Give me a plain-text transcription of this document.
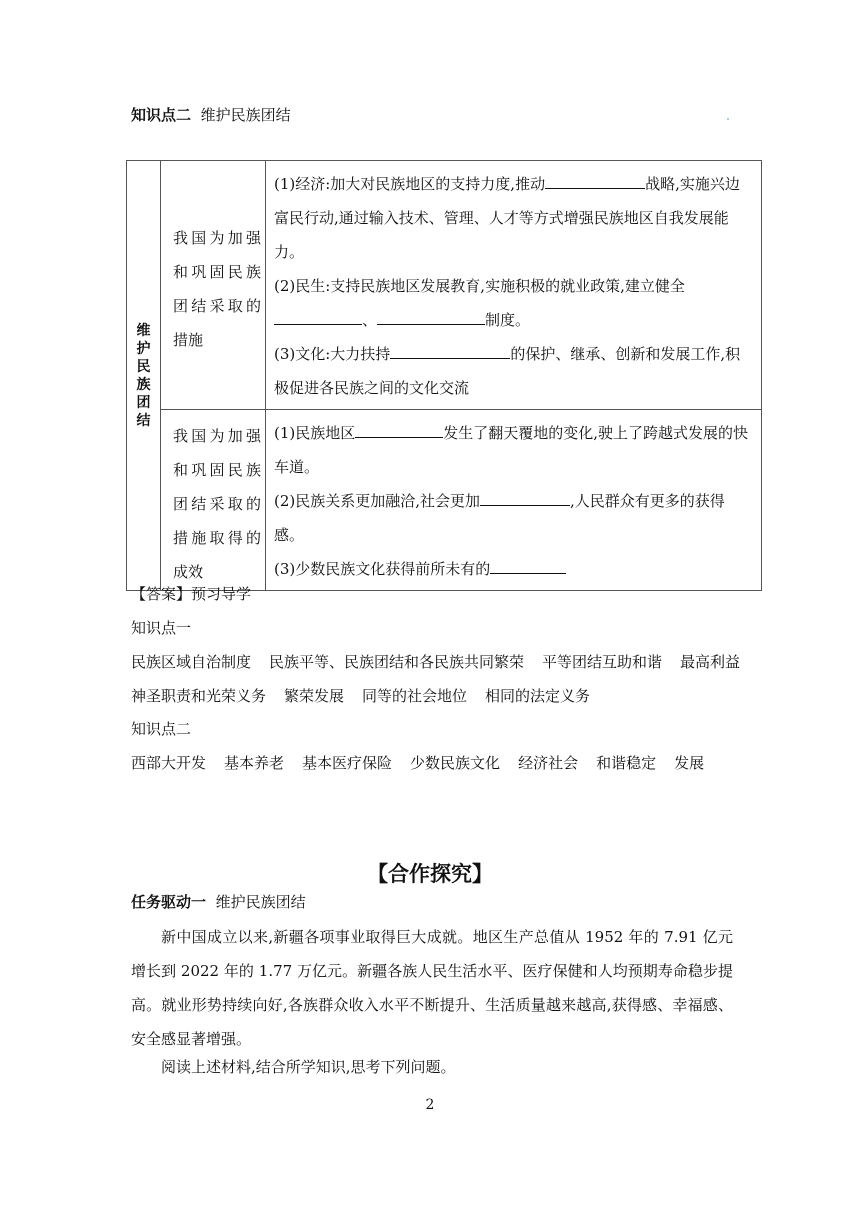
知识点二 维护民族团结
维护民族团结	我国为加强和巩固民族团结采取的措施	(1)经济:加大对民族地区的支持力度,推动 战略,实施兴边富民行动,通过输入技术、管理、人才等方式增强民族地区自我发展能力。

(2)民生:支持民族地区发展教育,实施积极的就业政策,建立健全、 制度。

(3)文化:大力扶持 的保护、继承、创新和发展工作,积极促进各民族之间的文化交流

	我国为加强和巩固民族团结采取的措施取得的成效	(1)民族地区 发生了翻天覆地的变化,驶上了跨越式发展的快车道。

(2)民族关系更加融洽,社会更加 ,人民群众有更多的获得感。

(3)少数民族文化获得前所未有的

【答案】预习导学
知识点一
民族区域自治制度 民族平等、民族团结和各民族共同繁荣 平等团结互助和谐 最高利益
神圣职责和光荣义务 繁荣发展 同等的社会地位 相同的法定义务
知识点二
西部大开发 基本养老 基本医疗保险 少数民族文化 经济社会 和谐稳定 发展
【合作探究】
任务驱动一 维护民族团结
新中国成立以来,新疆各项事业取得巨大成就。地区生产总值从 1952 年的 7.91 亿元增长到 2022 年的 1.77 万亿元。新疆各族人民生活水平、医疗保健和人均预期寿命稳步提高。就业形势持续向好,各族群众收入水平不断提升、生活质量越来越高,获得感、幸福感、安全感显著增强。
阅读上述材料,结合所学知识,思考下列问题。
2
